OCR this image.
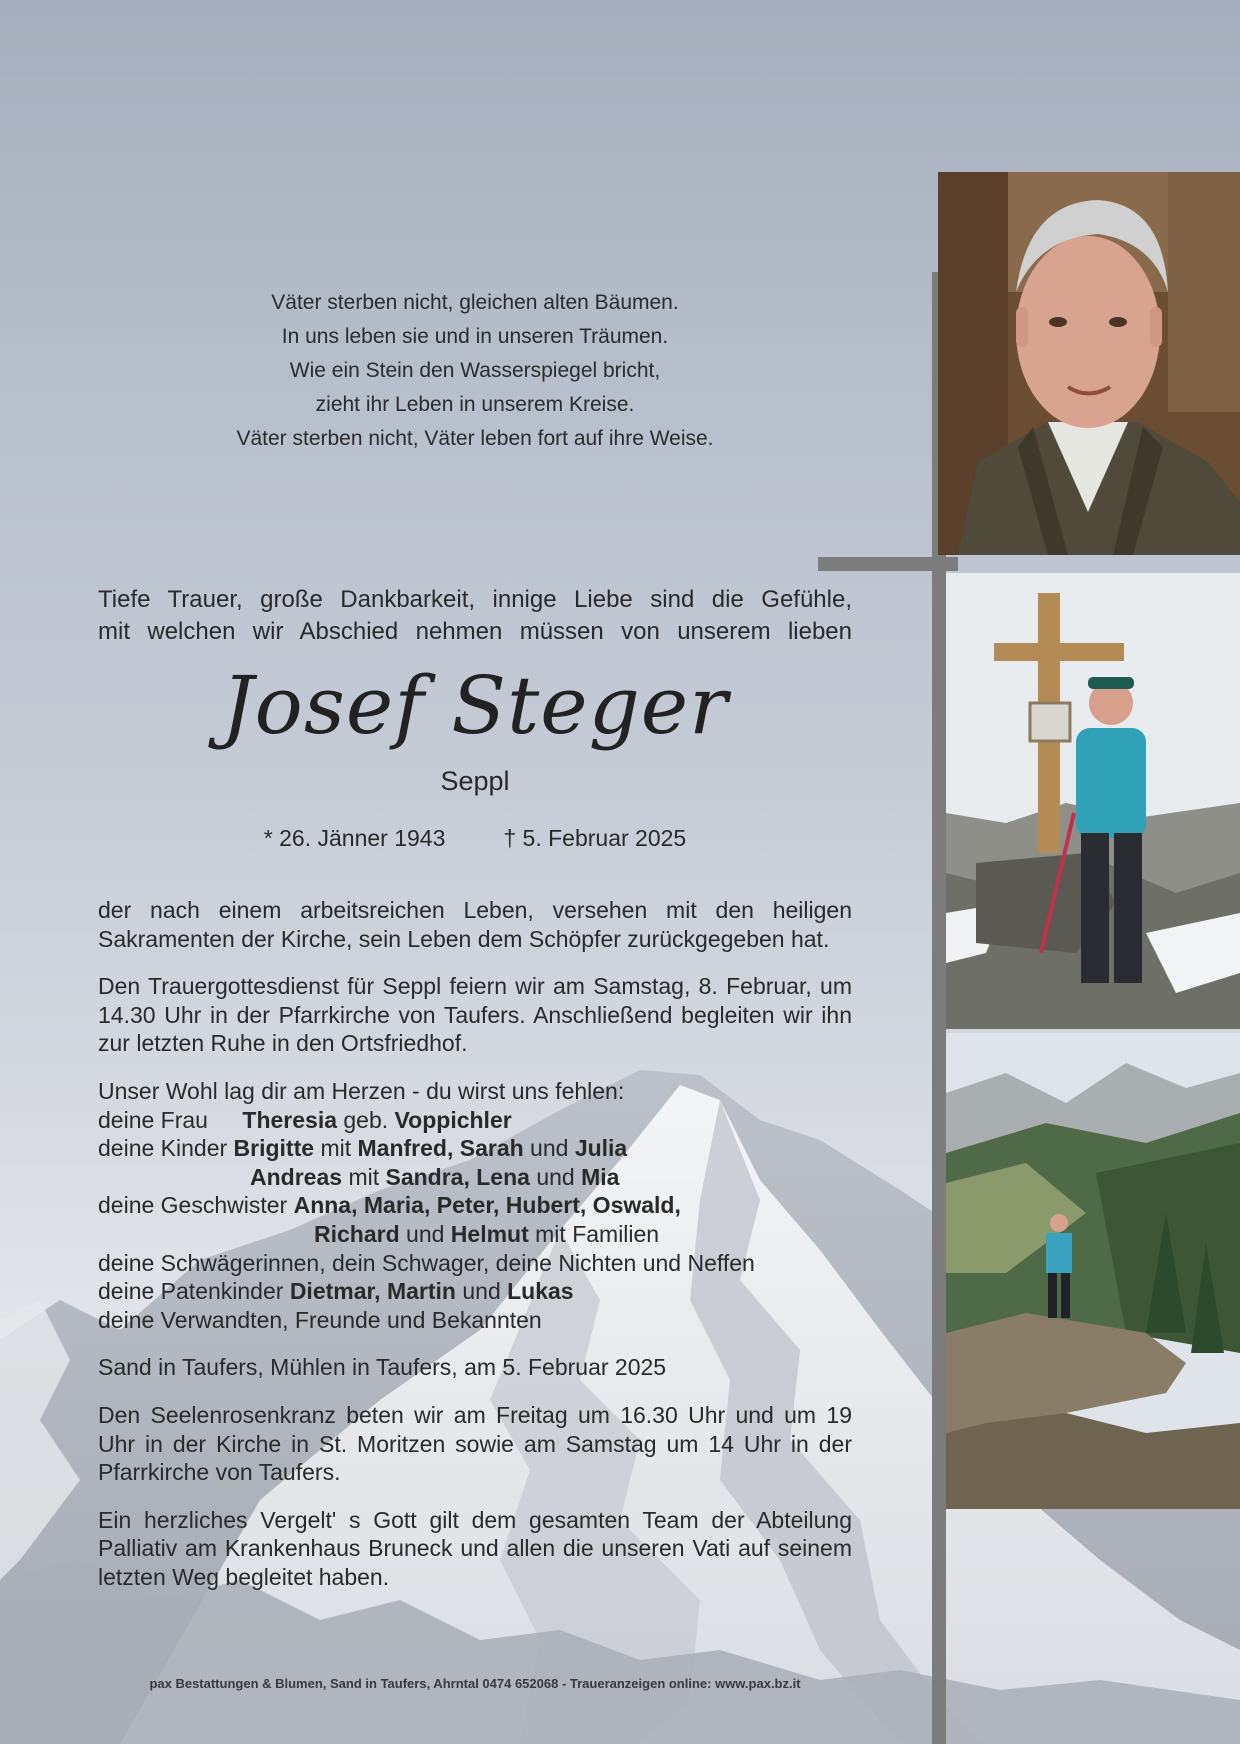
Väter sterben nicht, gleichen alten Bäumen.
In uns leben sie und in unseren Träumen.
Wie ein Stein den Wasserspiegel bricht,
zieht ihr Leben in unserem Kreise.
Väter sterben nicht, Väter leben fort auf ihre Weise.
Tiefe Trauer, große Dankbarkeit, innige Liebe sind die Gefühle,
mit welchen wir Abschied nehmen müssen von unserem lieben
Josef Steger
Seppl
* 26. Jänner 1943	† 5. Februar 2025
der nach einem arbeitsreichen Leben, versehen mit den heiligen Sakramenten der Kirche, sein Leben dem Schöpfer zurückgegeben hat.
Den Trauergottesdienst für Seppl feiern wir am Samstag, 8. Februar, um 14.30 Uhr in der Pfarrkirche von Taufers. Anschließend begleiten wir ihn zur letzten Ruhe in den Ortsfriedhof.
Unser Wohl lag dir am Herzen - du wirst uns fehlen:
deine Frau Theresia geb. Voppichler
deine Kinder Brigitte mit Manfred, Sarah und Julia
Andreas mit Sandra, Lena und Mia
deine Geschwister Anna, Maria, Peter, Hubert, Oswald,
Richard und Helmut mit Familien
deine Schwägerinnen, dein Schwager, deine Nichten und Neffen
deine Patenkinder Dietmar, Martin und Lukas
deine Verwandten, Freunde und Bekannten
Sand in Taufers, Mühlen in Taufers, am 5. Februar 2025
Den Seelenrosenkranz beten wir am Freitag um 16.30 Uhr und um 19 Uhr in der Kirche in St. Moritzen sowie am Samstag um 14 Uhr in der Pfarrkirche von Taufers.
Ein herzliches Vergelt' s Gott gilt dem gesamten Team der Abteilung Palliativ am Krankenhaus Bruneck und allen die unseren Vati auf seinem letzten Weg begleitet haben.
pax Bestattungen & Blumen, Sand in Taufers, Ahrntal 0474 652068 - Traueranzeigen online: www.pax.bz.it
